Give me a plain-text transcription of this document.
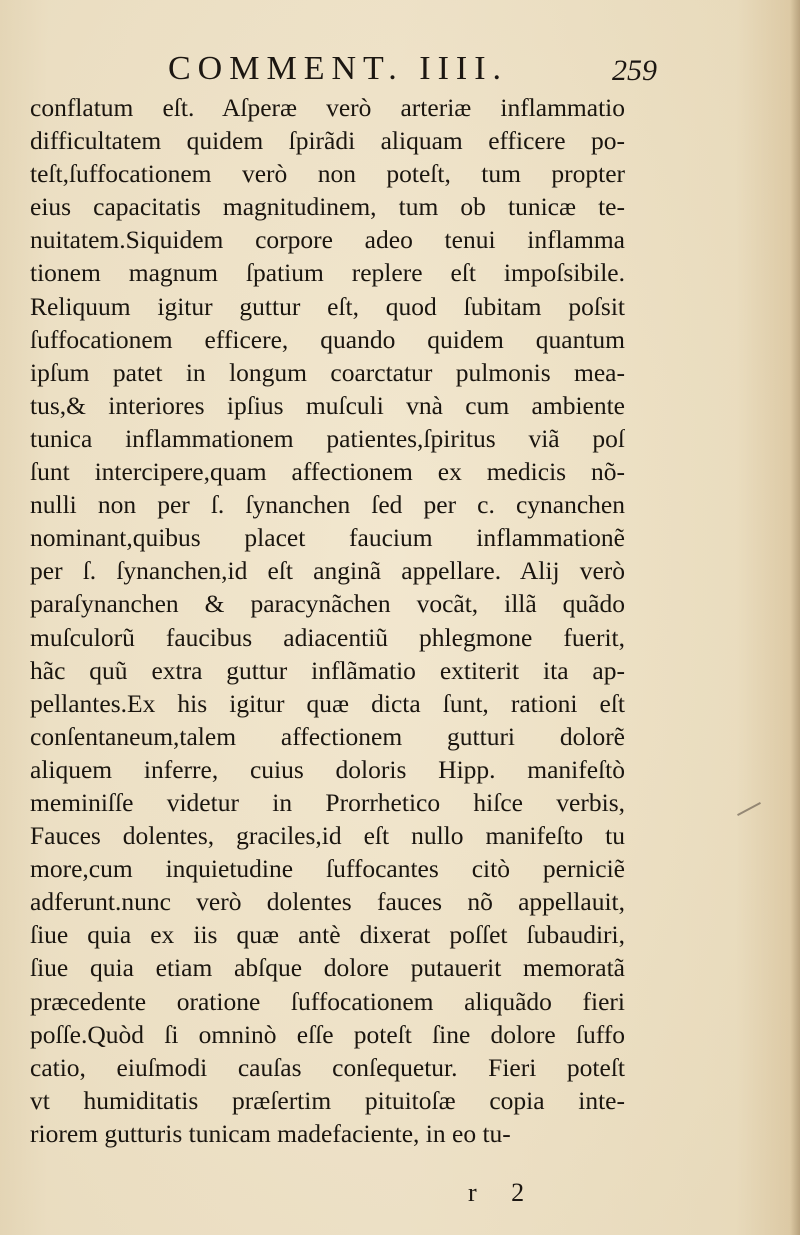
COMMENT. IIII.	259
conflatum eſt. Aſperæ verò arteriæ inflammatio
difficultatem quidem ſpirãdi aliquam efficere po-
teſt,ſuffocationem verò non poteſt, tum propter
eius capacitatis magnitudinem, tum ob tunicæ te-
nuitatem.Siquidem corpore adeo tenui inflamma
tionem magnum ſpatium replere eſt impoſsibile.
Reliquum igitur guttur eſt, quod ſubitam poſsit
ſuffocationem efficere, quando quidem quantum
ipſum patet in longum coarctatur pulmonis mea-
tus,& interiores ipſius muſculi vnà cum ambiente
tunica inflammationem patientes,ſpiritus viã poſ
ſunt intercipere,quam affectionem ex medicis nõ-
nulli non per ſ. ſynanchen ſed per c. cynanchen
nominant,quibus placet faucium inflammationẽ
per ſ. ſynanchen,id eſt anginã appellare. Alij verò
paraſynanchen & paracynãchen vocãt, illã quãdo
muſculorũ faucibus adiacentiũ phlegmone fuerit,
hãc quũ extra guttur inflãmatio extiterit ita ap-
pellantes.Ex his igitur quæ dicta ſunt, rationi eſt
conſentaneum,talem affectionem gutturi dolorẽ
aliquem inferre, cuius doloris Hipp. manifeſtò
meminiſſe videtur in Prorrhetico hiſce verbis,
Fauces dolentes, graciles,id eſt nullo manifeſto tu
more,cum inquietudine ſuffocantes citò perniciẽ
adferunt.nunc verò dolentes fauces nõ appellauit,
ſiue quia ex iis quæ antè dixerat poſſet ſubaudiri,
ſiue quia etiam abſque dolore putauerit memoratã
præcedente oratione ſuffocationem aliquãdo fieri
poſſe.Quòd ſi omninò eſſe poteſt ſine dolore ſuffo
catio, eiuſmodi cauſas conſequetur. Fieri poteſt
vt humiditatis præſertim pituitoſæ copia inte-
riorem gutturis tunicam madefaciente, in eo tu-
r 2
